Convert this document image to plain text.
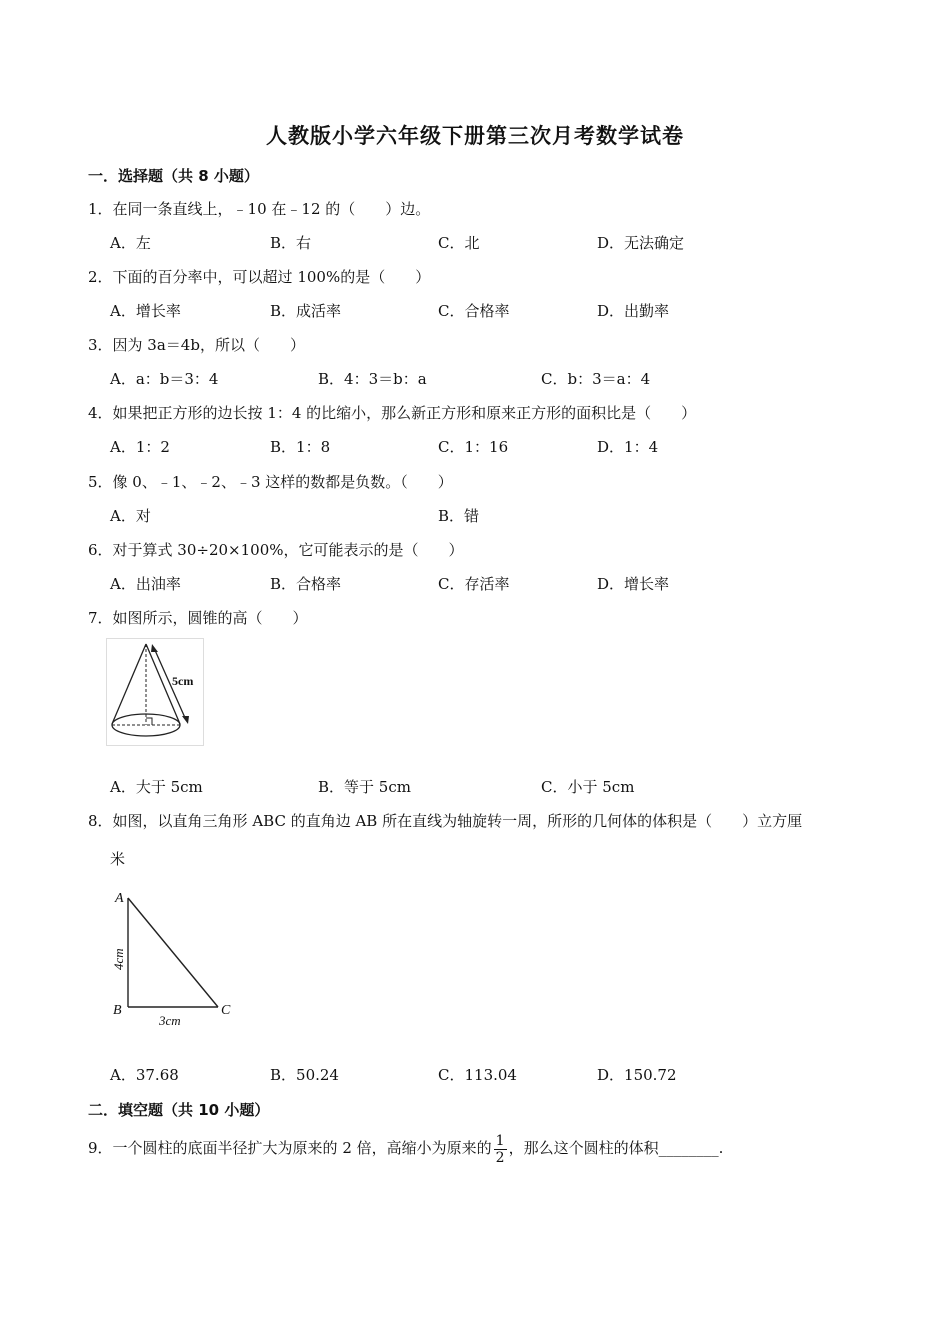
人教版小学六年级下册第三次月考数学试卷
一．选择题（共 8 小题）
1．在同一条直线上，﹣10 在﹣12 的（　　）边。
A．左	B．右	C．北	D．无法确定
2．下面的百分率中，可以超过 100%的是（　　）
A．增长率	B．成活率	C．合格率	D．出勤率
3．因为 3a＝4b，所以（　　）
A．a：b＝3：4	B．4：3＝b：a	C．b：3＝a：4
4．如果把正方形的边长按 1：4 的比缩小，那么新正方形和原来正方形的面积比是（　　）
A．1：2	B．1：8	C．1：16	D．1：4
5．像 0、﹣1、﹣2、﹣3 这样的数都是负数。（　　）
A．对	B．错
6．对于算式 30÷20×100%，它可能表示的是（　　）
A．出油率	B．合格率	C．存活率	D．增长率
7．如图所示，圆锥的高（　　）
5cm
A．大于 5cm	B．等于 5cm	C．小于 5cm
8．如图，以直角三角形 ABC 的直角边 AB 所在直线为轴旋转一周，所形的几何体的体积是（　　）立方厘
米
A
B	C
4cm
3cm
A．37.68	B．50.24	C．113.04	D．150.72
二．填空题（共 10 小题）
9．一个圆柱的底面半径扩大为原来的 2 倍，高缩小为原来的 $\frac{1}{2}$ ，那么这个圆柱的体积________.
